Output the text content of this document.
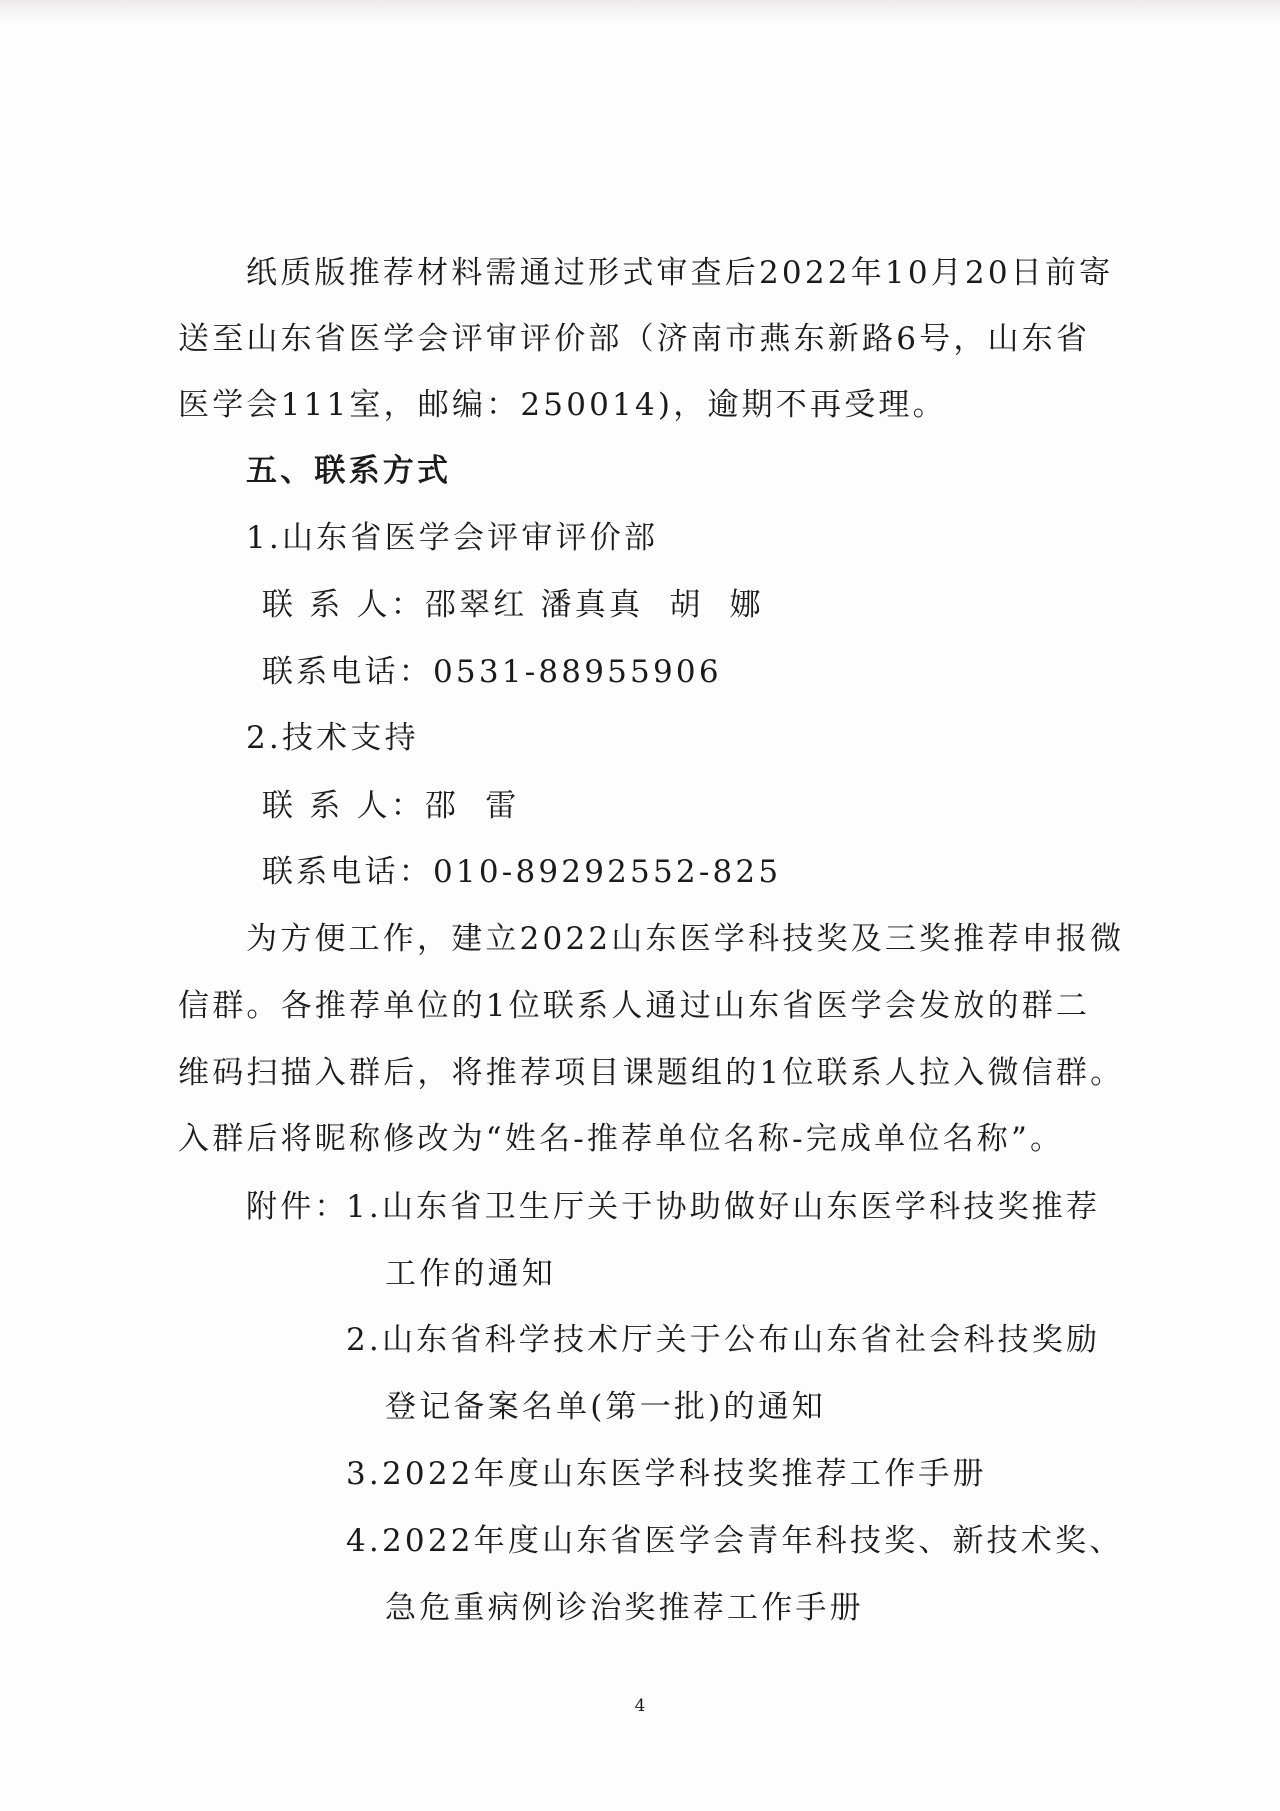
纸质版推荐材料需通过形式审查后2022年10月20日前寄
送至山东省医学会评审评价部（济南市燕东新路6号，山东省
医学会111室，邮编：250014)，逾期不再受理。
五、联系方式
1.山东省医学会评审评价部
联 系 人：邵翠红 潘真真  胡  娜
联系电话：0531-88955906
2.技术支持
联 系 人：邵  雷
联系电话：010-89292552-825
为方便工作，建立2022山东医学科技奖及三奖推荐申报微
信群。各推荐单位的1位联系人通过山东省医学会发放的群二
维码扫描入群后，将推荐项目课题组的1位联系人拉入微信群。
入群后将昵称修改为“姓名-推荐单位名称-完成单位名称”。
附件：
1.山东省卫生厅关于协助做好山东医学科技奖推荐
工作的通知
2.山东省科学技术厅关于公布山东省社会科技奖励
登记备案名单(第一批)的通知
3.2022年度山东医学科技奖推荐工作手册
4.2022年度山东省医学会青年科技奖、新技术奖、
急危重病例诊治奖推荐工作手册
4
